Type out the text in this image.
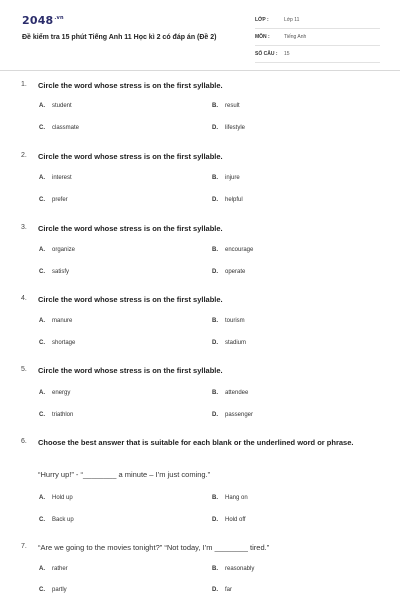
$2048^{.vn}$
Đề kiểm tra 15 phút Tiếng Anh 11 Học kì 2 có đáp án (Đề 2)
LỚP :	Lớp 11
MÔN :	Tiếng Anh
SỐ CÂU : 15
1. Circle the word whose stress is on the first syllable.
A. student	B. result
C. classmate	D. lifestyle
2. Circle the word whose stress is on the first syllable.
A. interest	B. injure
C. prefer	D. helpful
3. Circle the word whose stress is on the first syllable.
A. organize	B. encourage
C. satisfy	D. operate
4. Circle the word whose stress is on the first syllable.
A. manure	B. tourism
C. shortage	D. stadium
5. Circle the word whose stress is on the first syllable.
A. energy	B. attendee
C. triathlon	D. passenger
6. Choose the best answer that is suitable for each blank or the underlined word or phrase.
“Hurry up!” - “________ a minute – I’m just coming.”
A. Hold up	B. Hang on
C. Back up	D. Hold off
7. “Are we going to the movies tonight?” “Not today, I’m ________ tired.”
A. rather	B. reasonably
C. partly	D. far
